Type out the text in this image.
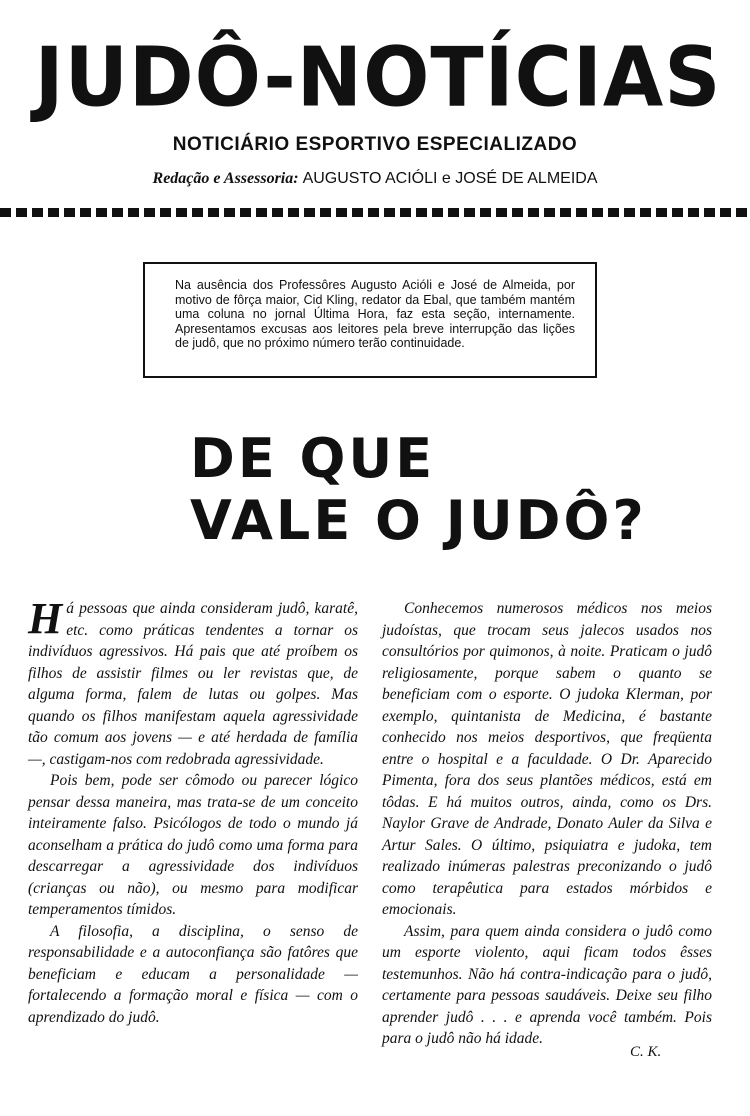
JUDÔ-NOTÍCIAS
NOTICIÁRIO ESPORTIVO ESPECIALIZADO
Redação e Assessoria: AUGUSTO ACIÓLI e JOSÉ DE ALMEIDA
Na ausência dos Professôres Augusto Acióli e José de Almeida, por motivo de fôrça maior, Cid Kling, redator da Ebal, que também mantém uma coluna no jornal Última Hora, faz esta seção, internamente. Apresentamos excusas aos leitores pela breve interrupção das lições de judô, que no próximo número terão continuidade.
DE QUE
VALE O JUDÔ?

Há pessoas que ainda consideram judô, karatê, etc. como práticas tendentes a tornar os indivíduos agressivos. Há pais que até proíbem os filhos de assistir filmes ou ler revistas que, de alguma forma, falem de lutas ou golpes. Mas quando os filhos manifestam aquela agressividade tão comum aos jovens — e até herdada de família —, castigam-nos com redobrada agressividade.

Pois bem, pode ser cômodo ou parecer lógico pensar dessa maneira, mas trata-se de um conceito inteiramente falso. Psicólogos de todo o mundo já aconselham a prática do judô como uma forma para descarregar a agressividade dos indivíduos (crianças ou não), ou mesmo para modificar temperamentos tímidos.

A filosofia, a disciplina, o senso de responsabilidade e a autoconfiança são fatôres que beneficiam e educam a personalidade — fortalecendo a formação moral e física — com o aprendizado do judô.

Conhecemos numerosos médicos nos meios judoístas, que trocam seus jalecos usados nos consultórios por quimonos, à noite. Praticam o judô religiosamente, porque sabem o quanto se beneficiam com o esporte. O judoka Klerman, por exemplo, quintanista de Medicina, é bastante conhecido nos meios desportivos, que freqüenta entre o hospital e a faculdade. O Dr. Aparecido Pimenta, fora dos seus plantões médicos, está em tôdas. E há muitos outros, ainda, como os Drs. Naylor Grave de Andrade, Donato Auler da Silva e Artur Sales. O último, psiquiatra e judoka, tem realizado inúmeras palestras preconizando o judô como terapêutica para estados mórbidos e emocionais.

Assim, para quem ainda considera o judô como um esporte violento, aqui ficam todos êsses testemunhos. Não há contra-indicação para o judô, certamente para pessoas saudáveis. Deixe seu filho aprender judô . . . e aprenda você também. Pois para o judô não há idade.

C. K.
